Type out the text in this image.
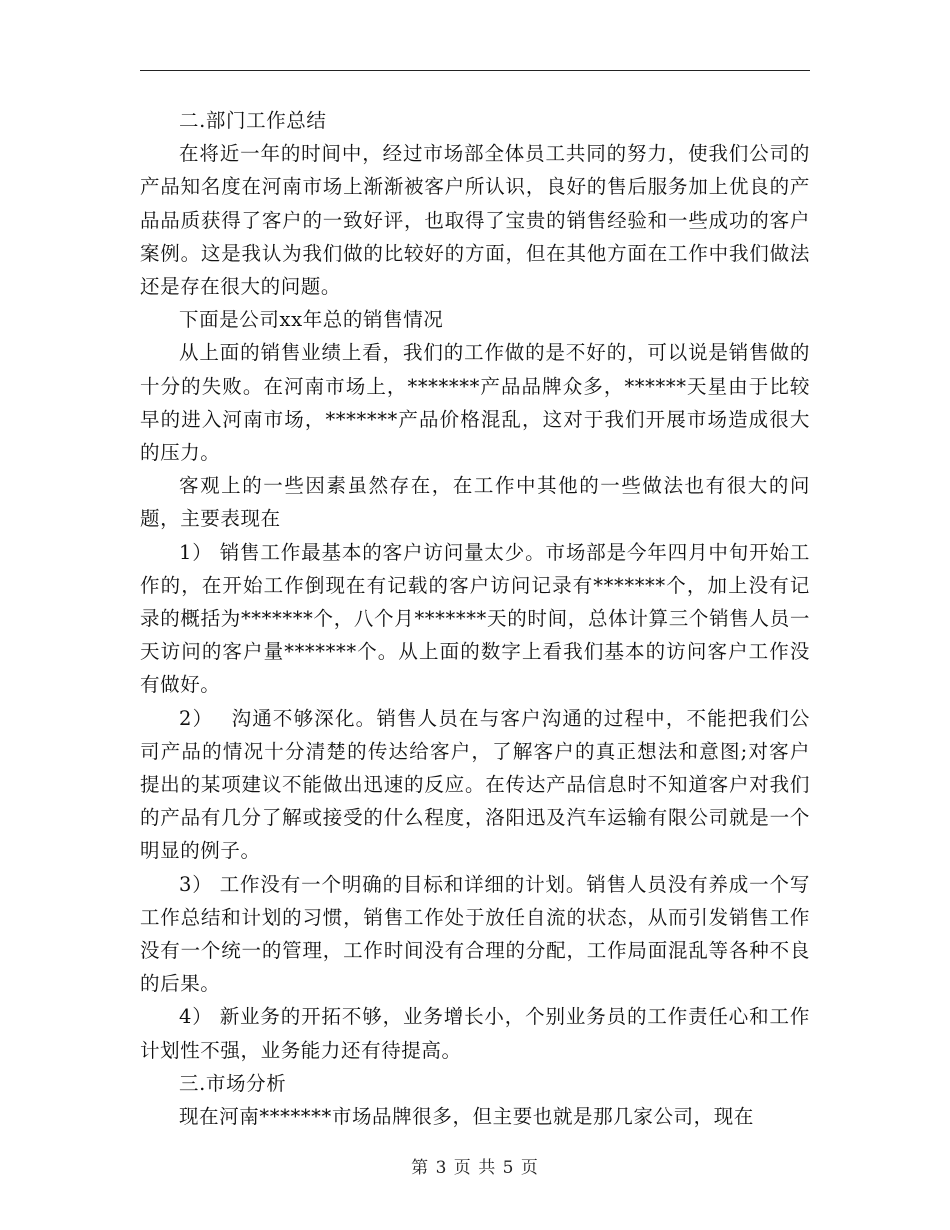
二.部门工作总结

在将近一年的时间中，经过市场部全体员工共同的努力，使我们公司的产品知名度在河南市场上渐渐被客户所认识，良好的售后服务加上优良的产品品质获得了客户的一致好评，也取得了宝贵的销售经验和一些成功的客户案例。这是我认为我们做的比较好的方面，但在其他方面在工作中我们做法还是存在很大的问题。

下面是公司xx年总的销售情况

从上面的销售业绩上看，我们的工作做的是不好的，可以说是销售做的十分的失败。在河南市场上，*******产品品牌众多，******天星由于比较早的进入河南市场，*******产品价格混乱，这对于我们开展市场造成很大的压力。

客观上的一些因素虽然存在，在工作中其他的一些做法也有很大的问题，主要表现在

1） 销售工作最基本的客户访问量太少。市场部是今年四月中旬开始工作的，在开始工作倒现在有记载的客户访问记录有*******个，加上没有记录的概括为*******个，八个月*******天的时间，总体计算三个销售人员一天访问的客户量*******个。从上面的数字上看我们基本的访问客户工作没有做好。

2）　 沟通不够深化。销售人员在与客户沟通的过程中，不能把我们公司产品的情况十分清楚的传达给客户，了解客户的真正想法和意图;对客户提出的某项建议不能做出迅速的反应。在传达产品信息时不知道客户对我们的产品有几分了解或接受的什么程度，洛阳迅及汽车运输有限公司就是一个明显的例子。

3） 工作没有一个明确的目标和详细的计划。销售人员没有养成一个写工作总结和计划的习惯，销售工作处于放任自流的状态，从而引发销售工作没有一个统一的管理，工作时间没有合理的分配，工作局面混乱等各种不良的后果。

4） 新业务的开拓不够，业务增长小，个别业务员的工作责任心和工作计划性不强，业务能力还有待提高。

三.市场分析

现在河南*******市场品牌很多，但主要也就是那几家公司，现在

第 3 页 共 5 页
